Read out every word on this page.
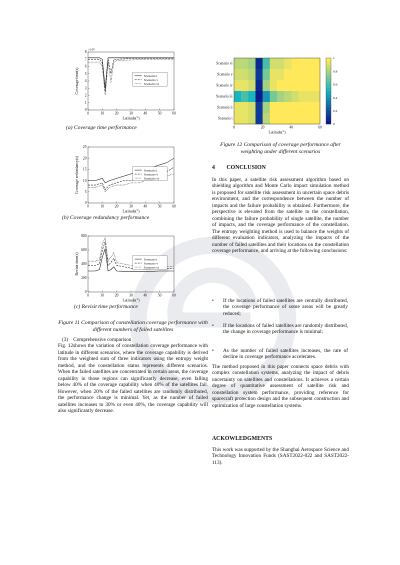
0	10	20	30	40	50	60
8
7
6
5
4
3
2
1
0
Latitude(°)
Coverage time(s)
×10⁴
Scenario i
Scenario v
Scenario vi
(a) Coverage time performance
0	10	20	30	40	50	60
25
20
15
10
5
0
Latitude(°)
Coverage redundancy(s)	Scenario i
Scenario v
Scenario vi
(b) Coverage redundancy performance
0	10	20	30	40	50	60
800
600
400
200
0
Latitude(°)
Revisit time(s)	Scenario i
Scenario v
Scenario vi
(c) Revisit time performance
Figure 11 Comparison of constellation coverage performance with different numbers of failed satellites

(3) Comprehensive comparison

Fig. 12shows the variation of constellation coverage performance with latitude in different scenarios, where the coverage capability is derived from the weighted sum of three indicators using the entropy weight method, and the constellation status represents different scenarios. When the failed satellites are concentrated in certain areas, the coverage capability in those regions can significantly decrease, even falling below 40% of the coverage capability when 40% of the satellites fail. However, when 20% of the failed satellites are randomly distributed, the performance change is minimal. Yet, as the number of failed satellites increases to 30% or even 40%, the coverage capability will also significantly decrease.

Scenario vi
Scenario v
Scenario iv
Scenario iii
Scenario ii
Scenario i
0	20	40	60
Latitude(°)
1
0.8
0.6
0.4
0.2
0
Figure 12 Comparison of coverage performance after weighting under different scenarios
4  CONCLUSION
In this paper, a satellite risk assessment algorithm based on shielding algorithm and Monte Carlo impact simulation method is proposed for satellite risk assessment in uncertain space debris environment, and the correspondence between the number of impacts and the failure probability is obtained. Furthermore, the perspective is elevated from the satellite to the constellation, combining the failure probability of single satellite, the number of impacts, and the coverage performance of the constellation. The entropy weighting method is used to balance the weights of different evaluation indicators, analyzing the impacts of the number of failed satellites and their locations on the constellation coverage performance, and arriving at the following conclusions:
• If the locations of failed satellites are centrally distributed, the coverage performance of some areas will be greatly reduced;
• If the locations of failed satellites are randomly distributed, the change in coverage performance is minimal;
• As the number of failed satellites increases, the rate of decline in coverage performance accelerates.
The method proposed in this paper connects space debris with complex constellation systems, analyzing the impact of debris uncertainty on satellites and constellations. It achieves a certain degree of quantitative assessment of satellite risk and constellation system performance, providing reference for spacecraft protection design and the subsequent construction and optimization of large constellation systems.
ACKOWLEDGMENTS
This work was supported by the Shanghai Aerospace Science and Technology Innovation Funds (SAST2022-022 and SAST2022-113).
